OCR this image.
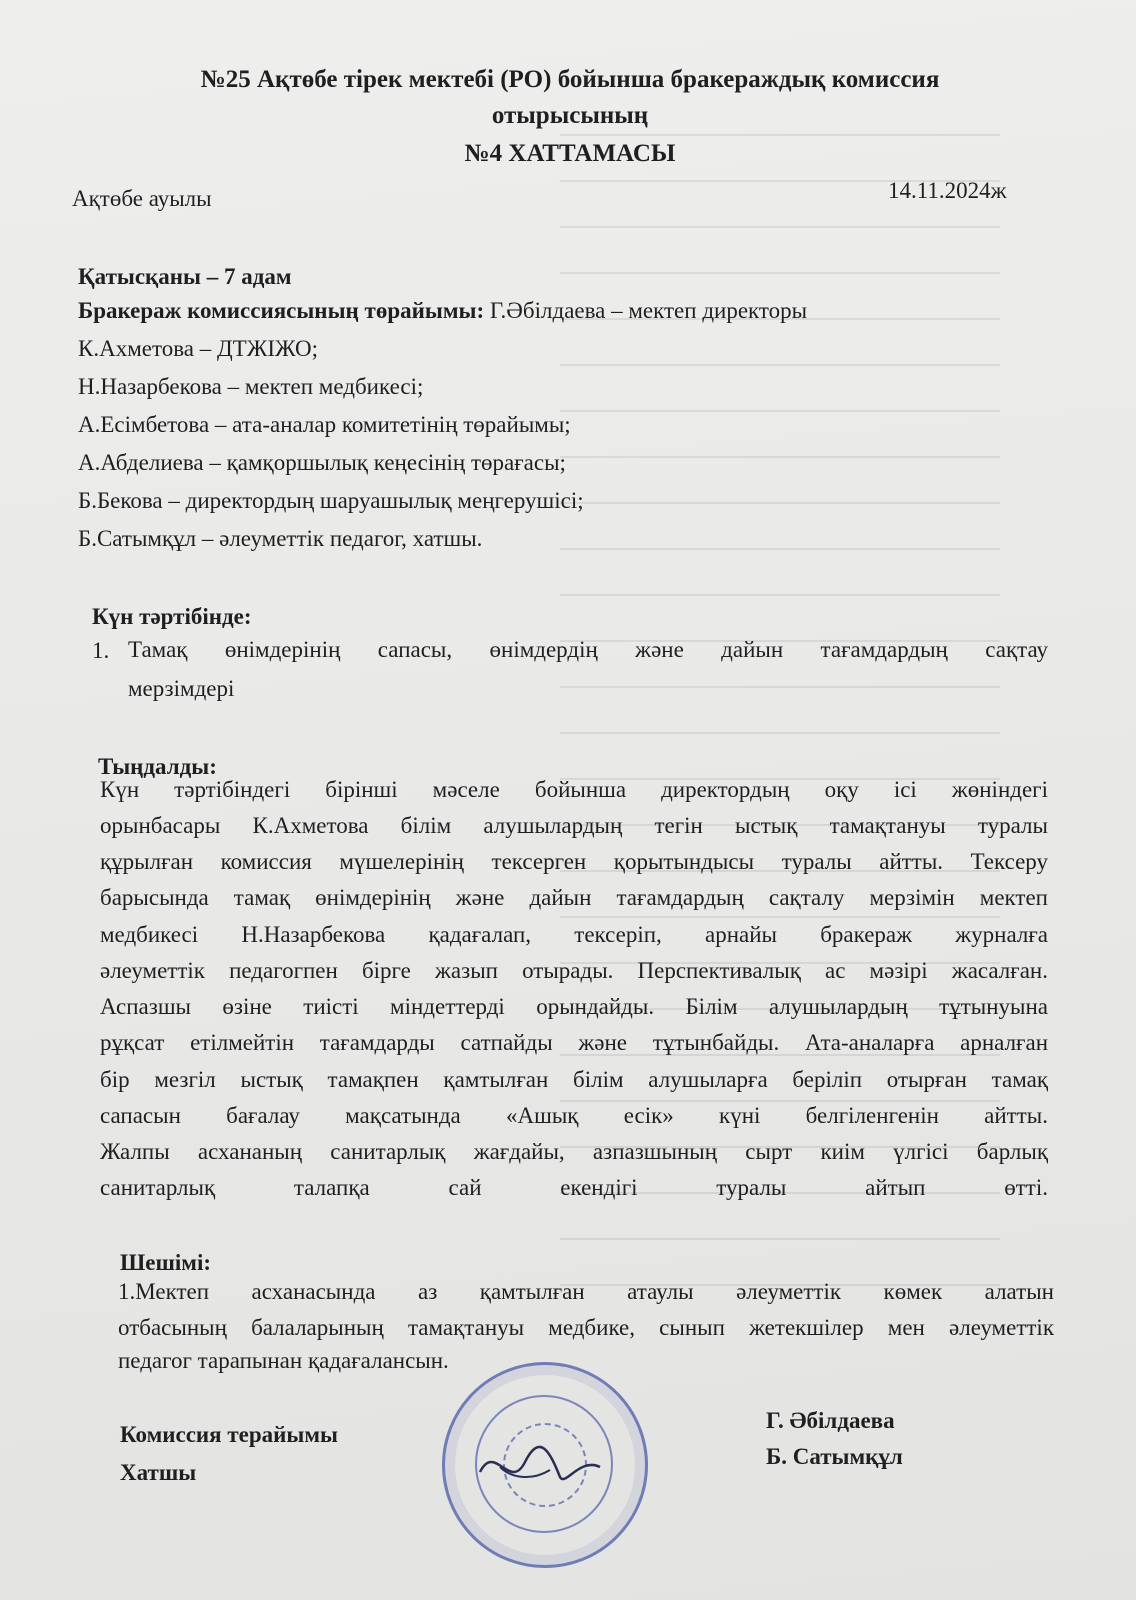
№25 Ақтөбе тірек мектебі (РО) бойынша бракераждық комиссия
отырысының
№4 ХАТТАМАСЫ
Ақтөбе ауылы	14.11.2024ж
Қатысқаны – 7 адам
Бракераж комиссиясының төрайымы: Г.Әбілдаева – мектеп директоры
К.Ахметова – ДТЖІЖО;
Н.Назарбекова – мектеп медбикесі;
А.Есімбетова – ата-аналар комитетінің төрайымы;
А.Абделиева – қамқоршылық кеңесінің төрағасы;
Б.Бекова – директордың шаруашылық меңгерушісі;
Б.Сатымқұл – әлеуметтік педагог, хатшы.
Күн тәртібінде:
1. Тамақ өнімдерінің сапасы, өнімдердің және дайын тағамдардың сақтау

мерзімдері
Тыңдалды:

Күн тәртібіндегі бірінші мәселе бойынша директордың оқу ісі жөніндегі

орынбасары К.Ахметова білім алушылардың тегін ыстық тамақтануы туралы

құрылған комиссия мүшелерінің тексерген қорытындысы туралы айтты. Тексеру

барысында тамақ өнімдерінің және дайын тағамдардың сақталу мерзімін мектеп

медбикесі Н.Назарбекова қадағалап, тексеріп, арнайы бракераж журналға

әлеуметтік педагогпен бірге жазып отырады. Перспективалық ас мәзірі жасалған.

Аспазшы өзіне тиісті міндеттерді орындайды. Білім алушылардың тұтынуына

рұқсат етілмейтін тағамдарды сатпайды және тұтынбайды. Ата-аналарға арналған

бір мезгіл ыстық тамақпен қамтылған білім алушыларға беріліп отырған тамақ

сапасын бағалау мақсатында «Ашық есік» күні белгіленгенін айтты.

Жалпы асхананың санитарлық жағдайы, азпазшының сырт киім үлгісі барлық

санитарлық талапқа сай екендігі туралы айтып өтті.

Шешімі:

1.Мектеп асханасында аз қамтылған атаулы әлеуметтік көмек алатын

отбасының балаларының тамақтануы медбике, сынып жетекшілер мен әлеуметтік

педагог тарапынан қадағалансын.
Комиссия терайымы
Хатшы
Г. Әбілдаева
Б. Сатымқұл
